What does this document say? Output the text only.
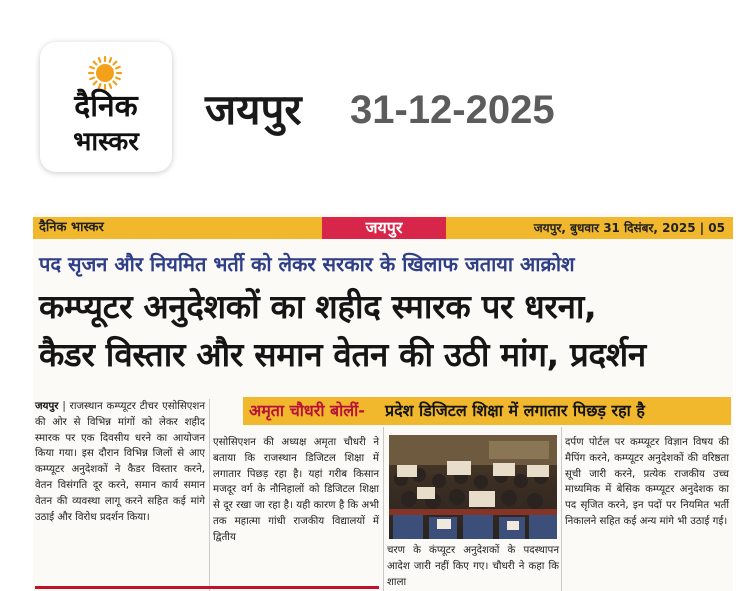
दैनिक
भास्कर
जयपुर 31-12-2025
दैनिक भास्कर	जयपुर	जयपुर, बुधवार 31 दिसंबर, 2025 | 05
पद सृजन और नियमित भर्ती को लेकर सरकार के खिलाफ जताया आक्रोश
कम्प्यूटर अनुदेशकों का शहीद स्मारक पर धरना,
कैडर विस्तार और समान वेतन की उठी मांग, प्रदर्शन
अमृता चौधरी बोलीं- प्रदेश डिजिटल शिक्षा में लगातार पिछड़ रहा है
जयपुर | राजस्थान कम्प्यूटर टीचर एसोसिएशन की ओर से विभिन्न मांगों को लेकर शहीद स्मारक पर एक दिवसीय धरने का आयोजन किया गया। इस दौरान विभिन्न जिलों से आए कम्प्यूटर अनुदेशकों ने कैडर विस्तार करने, वेतन विसंगति दूर करने, समान कार्य समान वेतन की व्यवस्था लागू करने सहित कई मांगे उठाई और विरोध प्रदर्शन किया।
एसोसिएशन की अध्यक्ष अमृता चौधरी ने बताया कि राजस्थान डिजिटल शिक्षा में लगातार पिछड़ रहा है। यहां गरीब किसान मजदूर वर्ग के नौनिहालों को डिजिटल शिक्षा से दूर रखा जा रहा है। यही कारण है कि अभी तक महात्मा गांधी राजकीय विद्यालयों में द्वितीय
चरण के कंप्यूटर अनुदेशकों के पदस्थापन आदेश जारी नहीं किए गए। चौधरी ने कहा कि शाला
दर्पण पोर्टल पर कम्प्यूटर विज्ञान विषय की मैपिंग करने, कम्प्यूटर अनुदेशकों की वरिष्ठता सूची जारी करने, प्रत्येक राजकीय उच्च माध्यमिक में बेसिक कम्प्यूटर अनुदेशक का पद सृजित करने, इन पदों पर नियमित भर्ती निकालने सहित कई अन्य मांगे भी उठाई गई।
